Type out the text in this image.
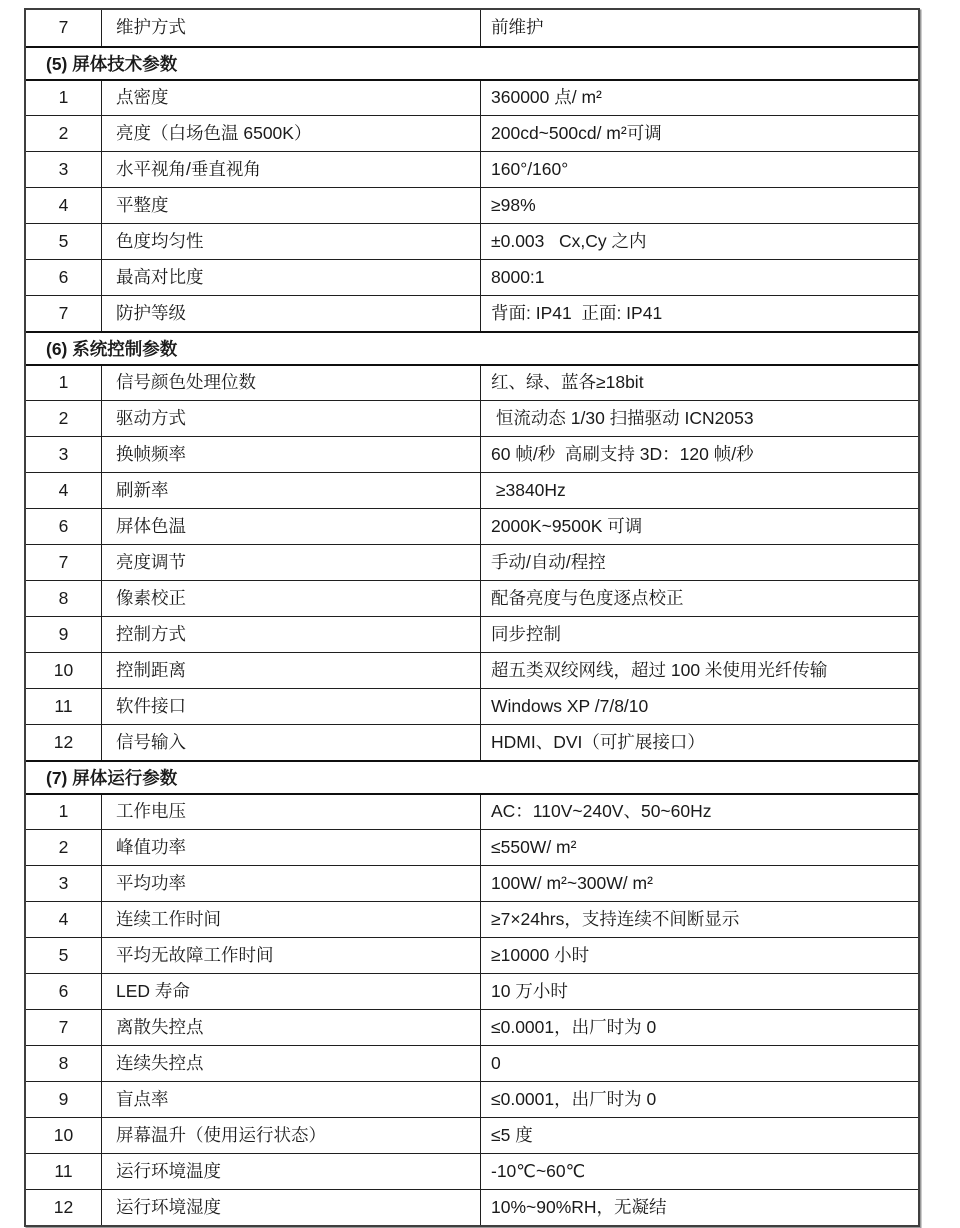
7	维护方式	前维护
(5) 屏体技术参数
1	点密度	360000 点/ m²
2	亮度（白场色温 6500K）	200cd~500cd/ m²可调
3	水平视角/垂直视角	160°/160°
4	平整度	≥98%
5	色度均匀性	±0.003   Cx,Cy 之内
6	最高对比度	8000:1
7	防护等级	背面: IP41  正面: IP41
(6) 系统控制参数
1	信号颜色处理位数	红、绿、蓝各≥18bit
2	驱动方式	恒流动态 1/30 扫描驱动 ICN2053
3	换帧频率	60 帧/秒  高刷支持 3D：120 帧/秒
4	刷新率	≥3840Hz
6	屏体色温	2000K~9500K 可调
7	亮度调节	手动/自动/程控
8	像素校正	配备亮度与色度逐点校正
9	控制方式	同步控制
10	控制距离	超五类双绞网线，超过 100 米使用光纤传输
11	软件接口	Windows XP /7/8/10
12	信号输入	HDMI、DVI（可扩展接口）
(7) 屏体运行参数
1	工作电压	AC：110V~240V、50~60Hz
2	峰值功率	≤550W/ m²
3	平均功率	100W/ m²~300W/ m²
4	连续工作时间	≥7×24hrs，支持连续不间断显示
5	平均无故障工作时间	≥10000 小时
6	LED 寿命	10 万小时
7	离散失控点	≤0.0001，出厂时为 0
8	连续失控点	0
9	盲点率	≤0.0001，出厂时为 0
10	屏幕温升（使用运行状态）	≤5 度
11	运行环境温度	-10℃~60℃
12	运行环境湿度	10%~90%RH，无凝结
